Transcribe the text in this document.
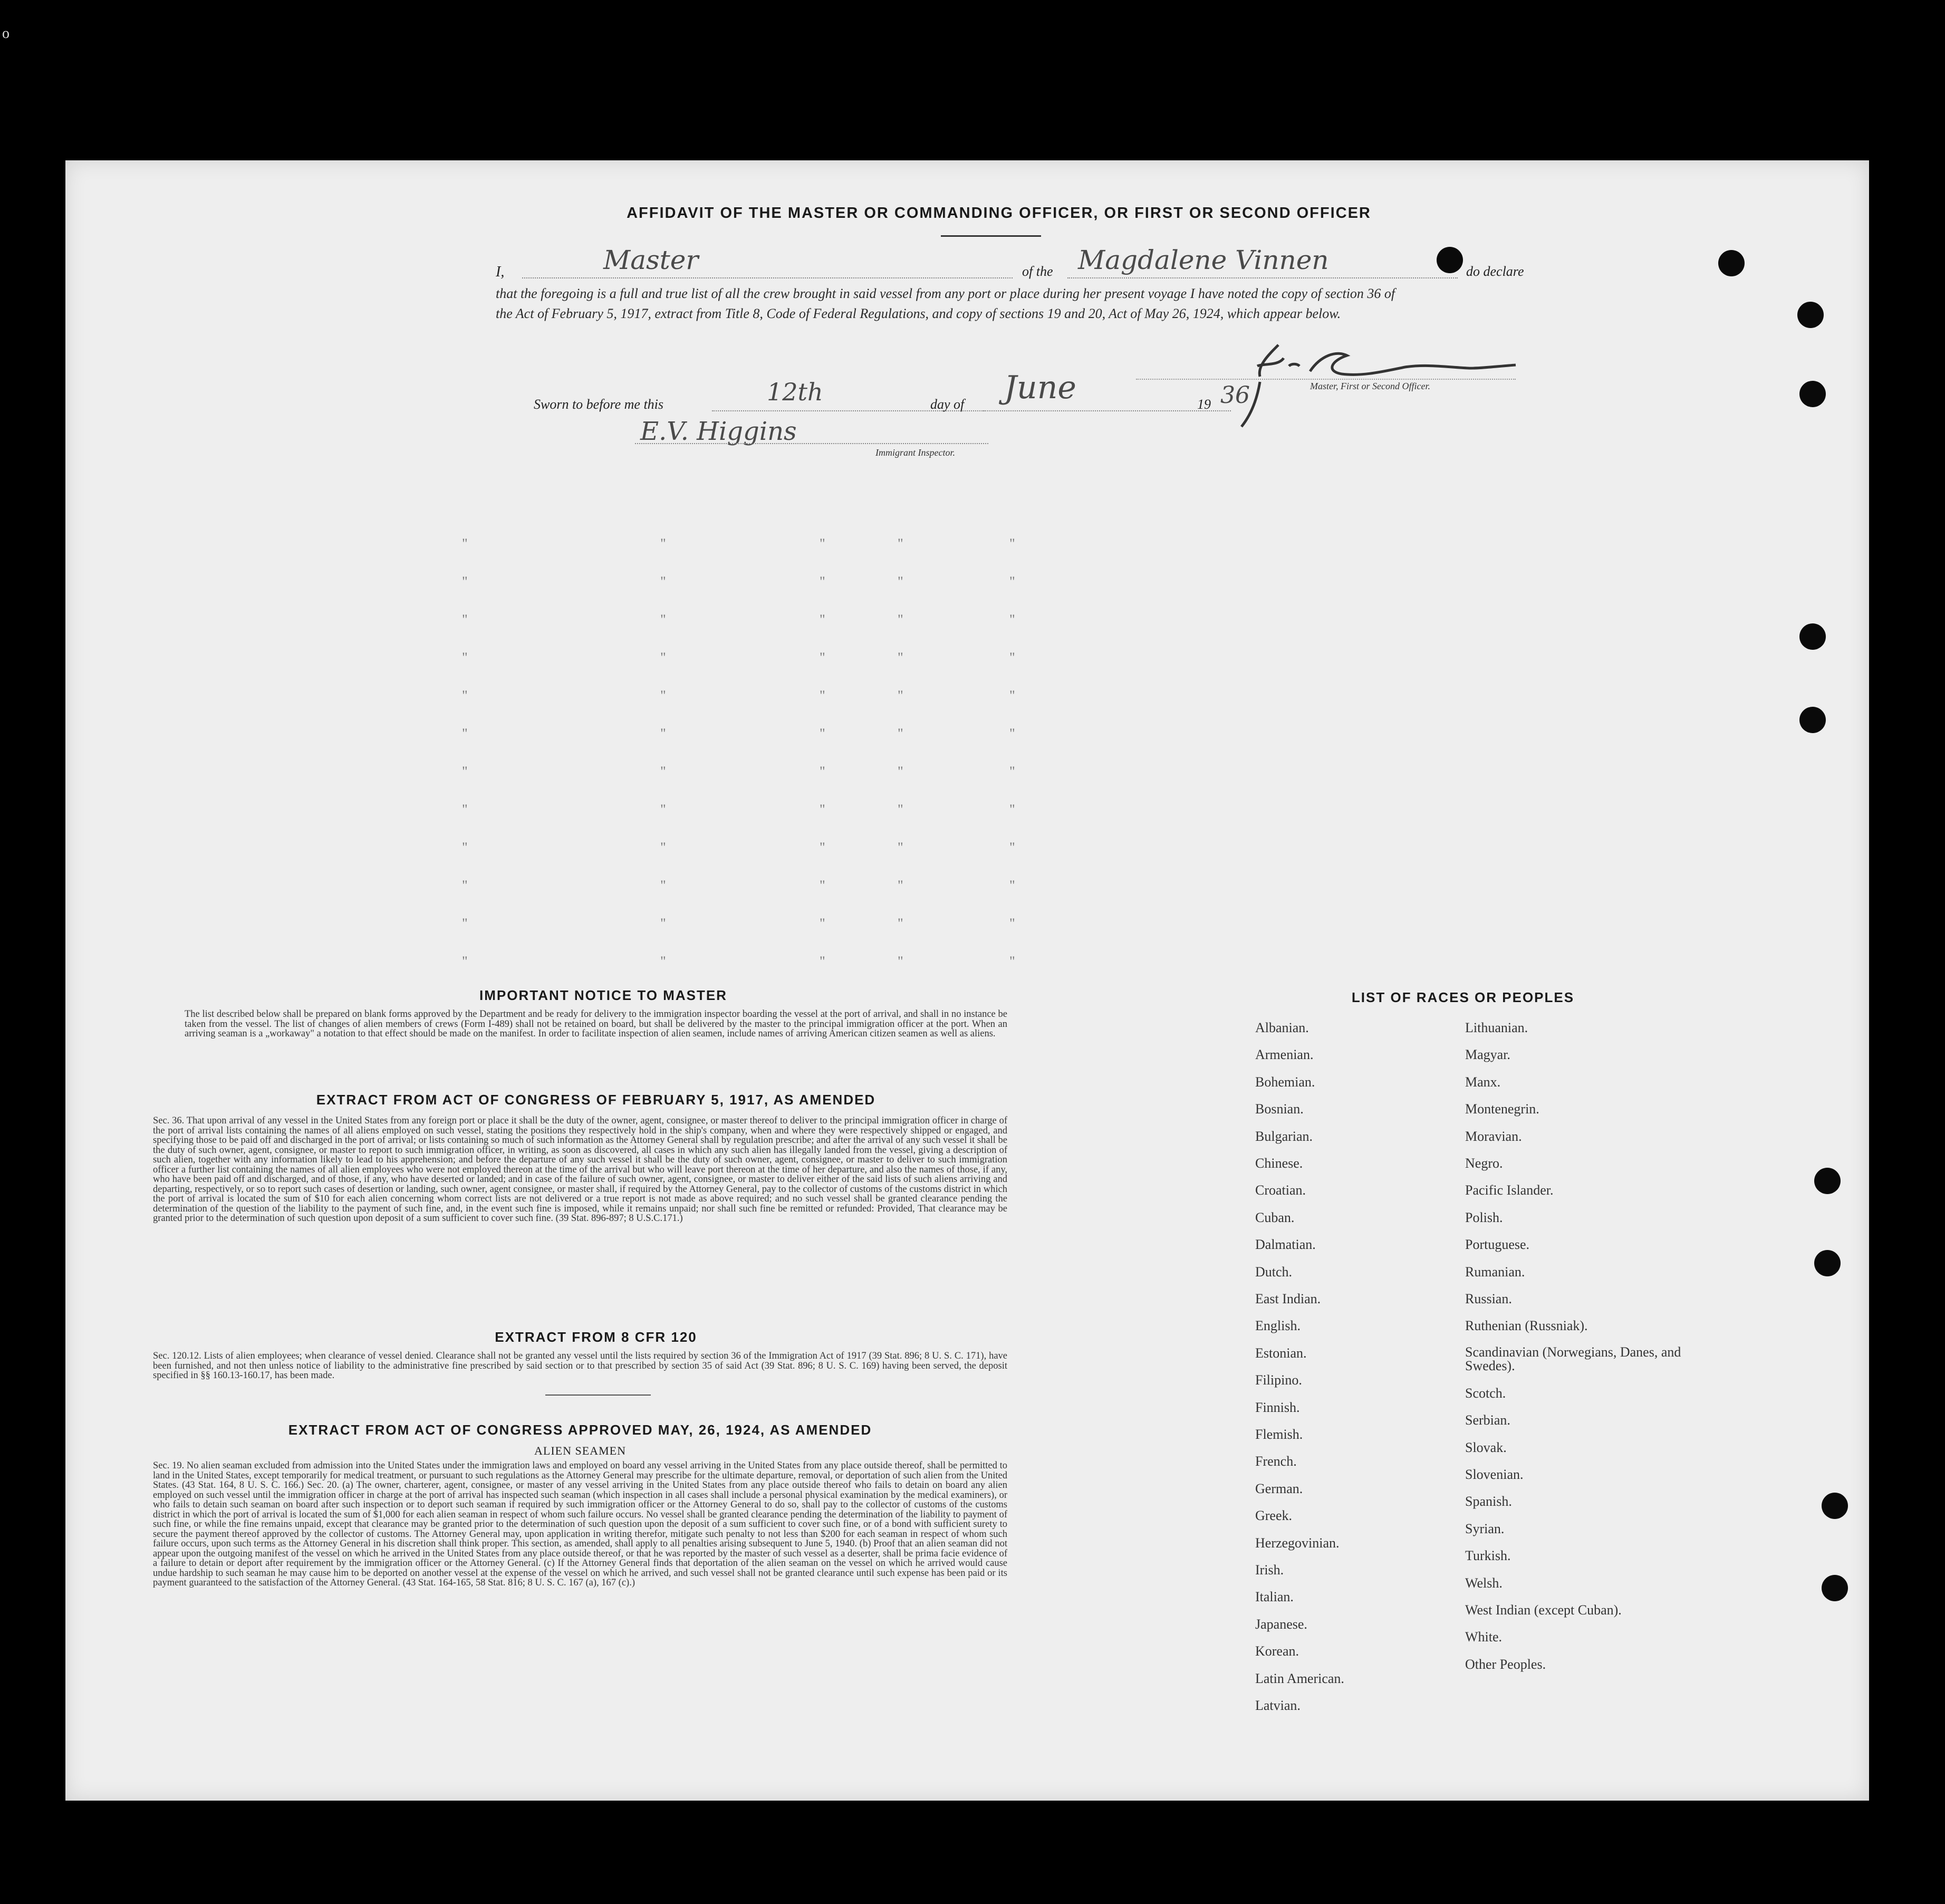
o
AFFIDAVIT OF THE MASTER OR COMMANDING OFFICER, OR FIRST OR SECOND OFFICER
I,	Master	of the Magdalene Vinnen	do declare
that the foregoing is a full and true list of all the crew brought in said vessel from any port or place during her present voyage I have noted the copy of section 36 of the Act of February 5, 1917, extract from Title 8, Code of Federal Regulations, and copy of sections 19 and 20, Act of May 26, 1924, which appear below.
Master, First or Second Officer.
Sworn to before me this	12th	day of June	19 36
E.V. Higgins
Immigrant Inspector.
"	"	"	"	"
"	"	"	"	"
"	"	"	"	"
"	"	"	"	"
"	"	"	"	"
"	"	"	"	"
"	"	"	"	"
"	"	"	"	"
"	"	"	"	"
"	"	"	"	"
"	"	"	"	"
"	"	"	"	"
IMPORTANT NOTICE TO MASTER
The list described below shall be prepared on blank forms approved by the Department and be ready for delivery to the immigration inspector boarding the vessel at the port of arrival, and shall in no instance be taken from the vessel. The list of changes of alien members of crews (Form I-489) shall not be retained on board, but shall be delivered by the master to the principal immigration officer at the port. When an arriving seaman is a „workaway" a notation to that effect should be made on the manifest. In order to facilitate inspection of alien seamen, include names of arriving American citizen seamen as well as aliens.
EXTRACT FROM ACT OF CONGRESS OF FEBRUARY 5, 1917, AS AMENDED
Sec. 36. That upon arrival of any vessel in the United States from any foreign port or place it shall be the duty of the owner, agent, consignee, or master thereof to deliver to the principal immigration officer in charge of the port of arrival lists containing the names of all aliens employed on such vessel, stating the positions they respectively hold in the ship's company, when and where they were respectively shipped or engaged, and specifying those to be paid off and discharged in the port of arrival; or lists containing so much of such information as the Attorney General shall by regulation prescribe; and after the arrival of any such vessel it shall be the duty of such owner, agent, consignee, or master to report to such immigration officer, in writing, as soon as discovered, all cases in which any such alien has illegally landed from the vessel, giving a description of such alien, together with any information likely to lead to his apprehension; and before the departure of any such vessel it shall be the duty of such owner, agent, consignee, or master to deliver to such immigration officer a further list containing the names of all alien employees who were not employed thereon at the time of the arrival but who will leave port thereon at the time of her departure, and also the names of those, if any, who have been paid off and discharged, and of those, if any, who have deserted or landed; and in case of the failure of such owner, agent, consignee, or master to deliver either of the said lists of such aliens arriving and departing, respectively, or so to report such cases of desertion or landing, such owner, agent consignee, or master shall, if required by the Attorney General, pay to the collector of customs of the customs district in which the port of arrival is located the sum of $10 for each alien concerning whom correct lists are not delivered or a true report is not made as above required; and no such vessel shall be granted clearance pending the determination of the question of the liability to the payment of such fine, and, in the event such fine is imposed, while it remains unpaid; nor shall such fine be remitted or refunded: Provided, That clearance may be granted prior to the determination of such question upon deposit of a sum sufficient to cover such fine. (39 Stat. 896-897; 8 U.S.C.171.)
EXTRACT FROM 8 CFR 120
Sec. 120.12. Lists of alien employees; when clearance of vessel denied. Clearance shall not be granted any vessel until the lists required by section 36 of the Immigration Act of 1917 (39 Stat. 896; 8 U. S. C. 171), have been furnished, and not then unless notice of liability to the administrative fine prescribed by said section or to that prescribed by section 35 of said Act (39 Stat. 896; 8 U. S. C. 169) having been served, the deposit specified in §§ 160.13-160.17, has been made.
EXTRACT FROM ACT OF CONGRESS APPROVED MAY, 26, 1924, AS AMENDED
ALIEN SEAMEN
Sec. 19. No alien seaman excluded from admission into the United States under the immigration laws and employed on board any vessel arriving in the United States from any place outside thereof, shall be permitted to land in the United States, except temporarily for medical treatment, or pursuant to such regulations as the Attorney General may prescribe for the ultimate departure, removal, or deportation of such alien from the United States. (43 Stat. 164, 8 U. S. C. 166.) Sec. 20. (a) The owner, charterer, agent, consignee, or master of any vessel arriving in the United States from any place outside thereof who fails to detain on board any alien employed on such vessel until the immigration officer in charge at the port of arrival has inspected such seaman (which inspection in all cases shall include a personal physical examination by the medical examiners), or who fails to detain such seaman on board after such inspection or to deport such seaman if required by such immigration officer or the Attorney General to do so, shall pay to the collector of customs of the customs district in which the port of arrival is located the sum of $1,000 for each alien seaman in respect of whom such failure occurs. No vessel shall be granted clearance pending the determination of the liability to payment of such fine, or while the fine remains unpaid, except that clearance may be granted prior to the determination of such question upon the deposit of a sum sufficient to cover such fine, or of a bond with sufficient surety to secure the payment thereof approved by the collector of customs. The Attorney General may, upon application in writing therefor, mitigate such penalty to not less than $200 for each seaman in respect of whom such failure occurs, upon such terms as the Attorney General in his discretion shall think proper. This section, as amended, shall apply to all penalties arising subsequent to June 5, 1940. (b) Proof that an alien seaman did not appear upon the outgoing manifest of the vessel on which he arrived in the United States from any place outside thereof, or that he was reported by the master of such vessel as a deserter, shall be prima facie evidence of a failure to detain or deport after requirement by the immigration officer or the Attorney General. (c) If the Attorney General finds that deportation of the alien seaman on the vessel on which he arrived would cause undue hardship to such seaman he may cause him to be deported on another vessel at the expense of the vessel on which he arrived, and such vessel shall not be granted clearance until such expense has been paid or its payment guaranteed to the satisfaction of the Attorney General. (43 Stat. 164-165, 58 Stat. 816; 8 U. S. C. 167 (a), 167 (c).)
LIST OF RACES OR PEOPLES
Albanian.
Armenian.
Bohemian.
Bosnian.
Bulgarian.
Chinese.
Croatian.
Cuban.
Dalmatian.
Dutch.
East Indian.
English.
Estonian.
Filipino.
Finnish.
Flemish.
French.
German.
Greek.
Herzegovinian.
Irish.
Italian.
Japanese.
Korean.
Latin American.
Latvian.
Lithuanian.
Magyar.
Manx.
Montenegrin.
Moravian.
Negro.
Pacific Islander.
Polish.
Portuguese.
Rumanian.
Russian.
Ruthenian (Russniak).
Scandinavian (Norwegians, Danes, and Swedes).
Scotch.
Serbian.
Slovak.
Slovenian.
Spanish.
Syrian.
Turkish.
Welsh.
West Indian (except Cuban).
White.
Other Peoples.
